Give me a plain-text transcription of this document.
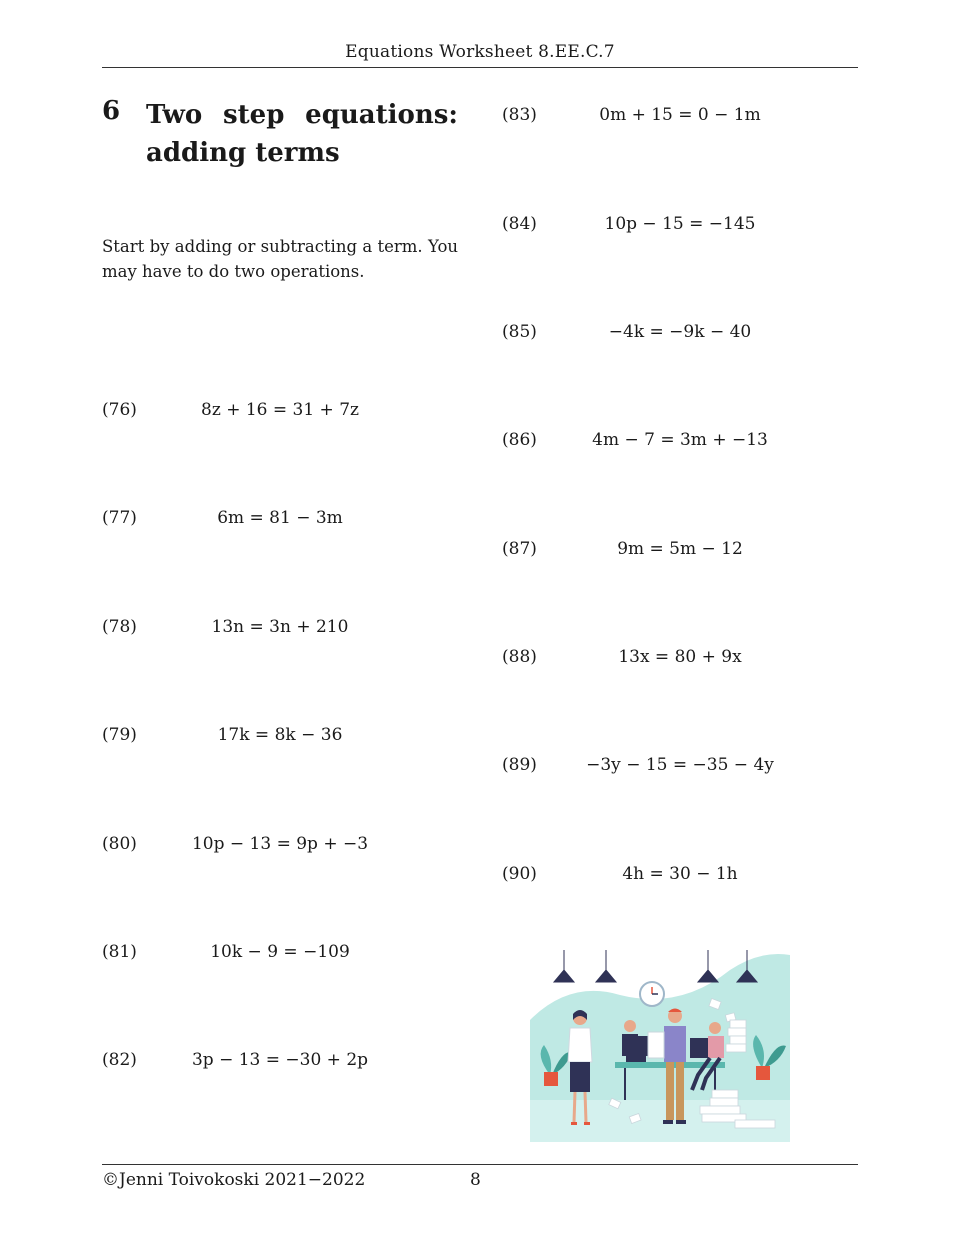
Equations Worksheet 8.EE.C.7
6 Two step equations: adding terms
Start by adding or subtracting a term. You may have to do two operations.
(76)	8z + 16 = 31 + 7z
(77)	6m = 81 − 3m
(78)	13n = 3n + 210
(79)	17k = 8k − 36
(80)	10p − 13 = 9p + −3
(81)	10k − 9 = −109
(82)	3p − 13 = −30 + 2p
(83)	0m + 15 = 0 − 1m
(84)	10p − 15 = −145
(85)	−4k = −9k − 40
(86)	4m − 7 = 3m + −13
(87)	9m = 5m − 12
(88)	13x = 80 + 9x
(89)	−3y − 15 = −35 − 4y
(90)	4h = 30 − 1h
©Jenni Toivokoski 2021−2022	8
